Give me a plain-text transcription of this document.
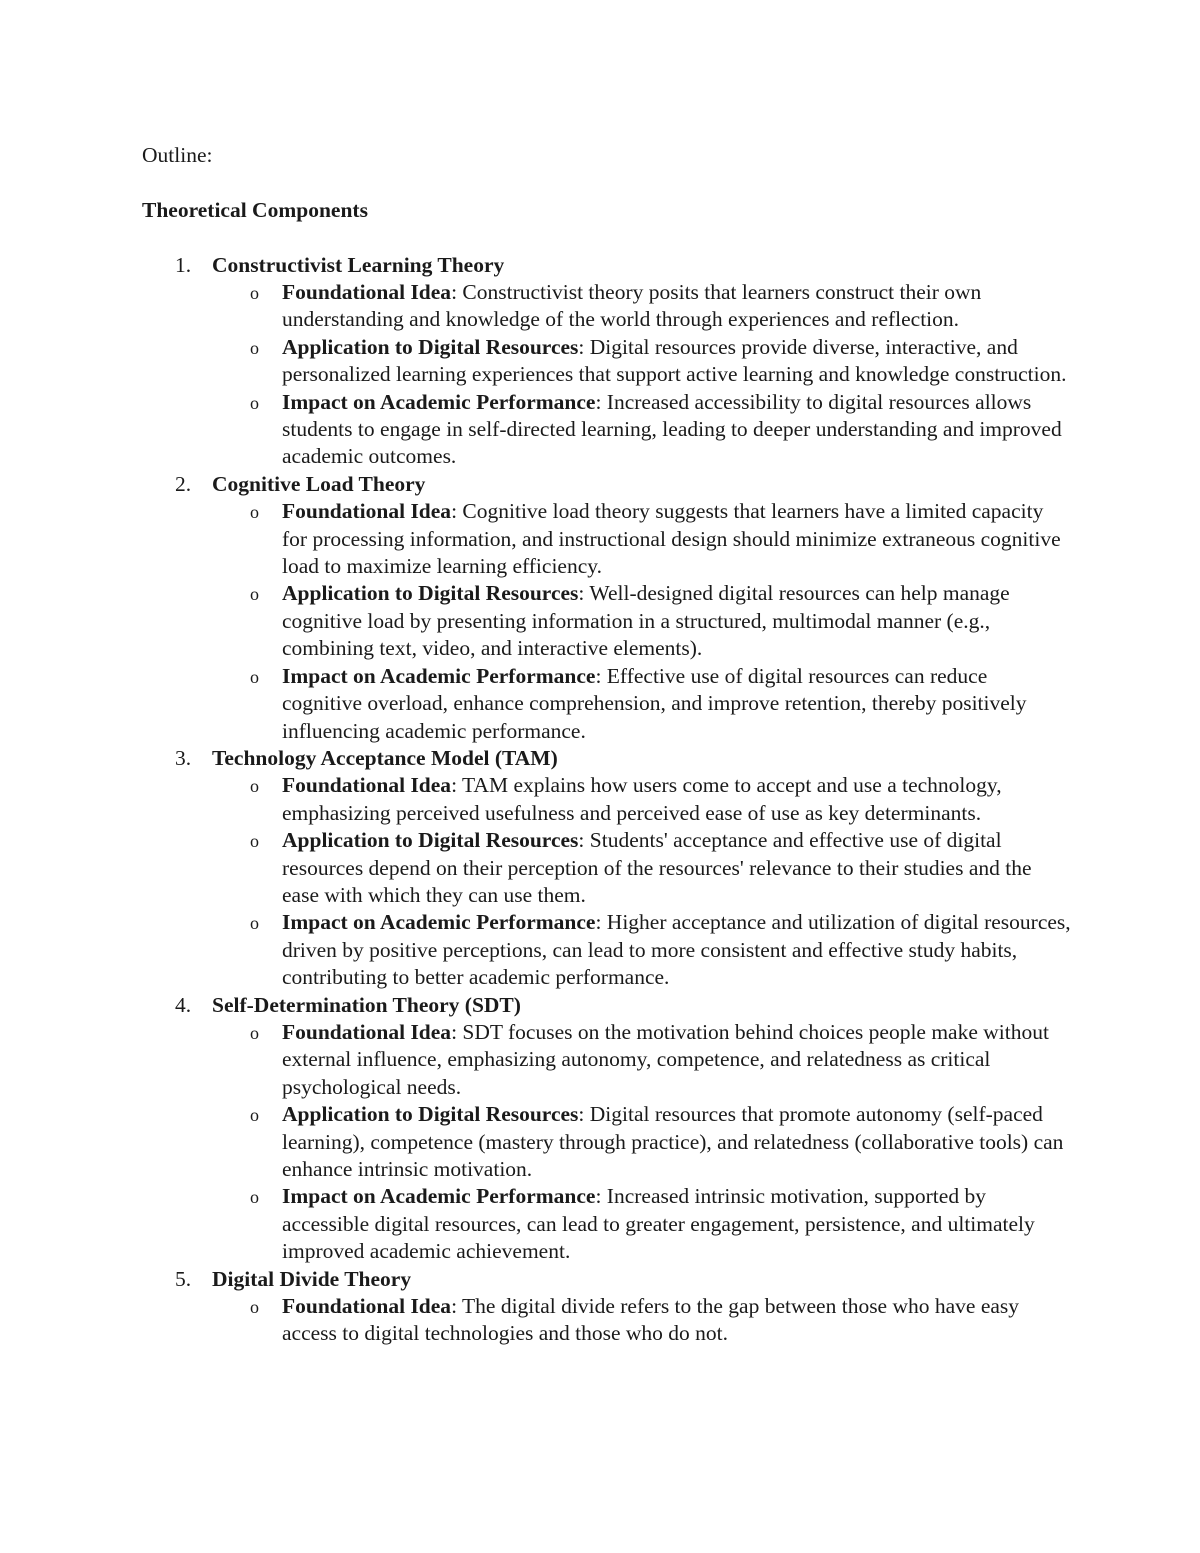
Outline:

Theoretical Components

1. Constructivist Learning Theory
o Foundational Idea: Constructivist theory posits that learners construct their own understanding and knowledge of the world through experiences and reflection.
o Application to Digital Resources: Digital resources provide diverse, interactive, and personalized learning experiences that support active learning and knowledge construction.
o Impact on Academic Performance: Increased accessibility to digital resources allows students to engage in self-directed learning, leading to deeper understanding and improved academic outcomes.
2. Cognitive Load Theory
o Foundational Idea: Cognitive load theory suggests that learners have a limited capacity for processing information, and instructional design should minimize extraneous cognitive load to maximize learning efficiency.
o Application to Digital Resources: Well-designed digital resources can help manage cognitive load by presenting information in a structured, multimodal manner (e.g., combining text, video, and interactive elements).
o Impact on Academic Performance: Effective use of digital resources can reduce cognitive overload, enhance comprehension, and improve retention, thereby positively influencing academic performance.
3. Technology Acceptance Model (TAM)
o Foundational Idea: TAM explains how users come to accept and use a technology, emphasizing perceived usefulness and perceived ease of use as key determinants.
o Application to Digital Resources: Students' acceptance and effective use of digital resources depend on their perception of the resources' relevance to their studies and the ease with which they can use them.
o Impact on Academic Performance: Higher acceptance and utilization of digital resources, driven by positive perceptions, can lead to more consistent and effective study habits, contributing to better academic performance.
4. Self-Determination Theory (SDT)
o Foundational Idea: SDT focuses on the motivation behind choices people make without external influence, emphasizing autonomy, competence, and relatedness as critical psychological needs.
o Application to Digital Resources: Digital resources that promote autonomy (self-paced learning), competence (mastery through practice), and relatedness (collaborative tools) can enhance intrinsic motivation.
o Impact on Academic Performance: Increased intrinsic motivation, supported by accessible digital resources, can lead to greater engagement, persistence, and ultimately improved academic achievement.
5. Digital Divide Theory
o Foundational Idea: The digital divide refers to the gap between those who have easy access to digital technologies and those who do not.
